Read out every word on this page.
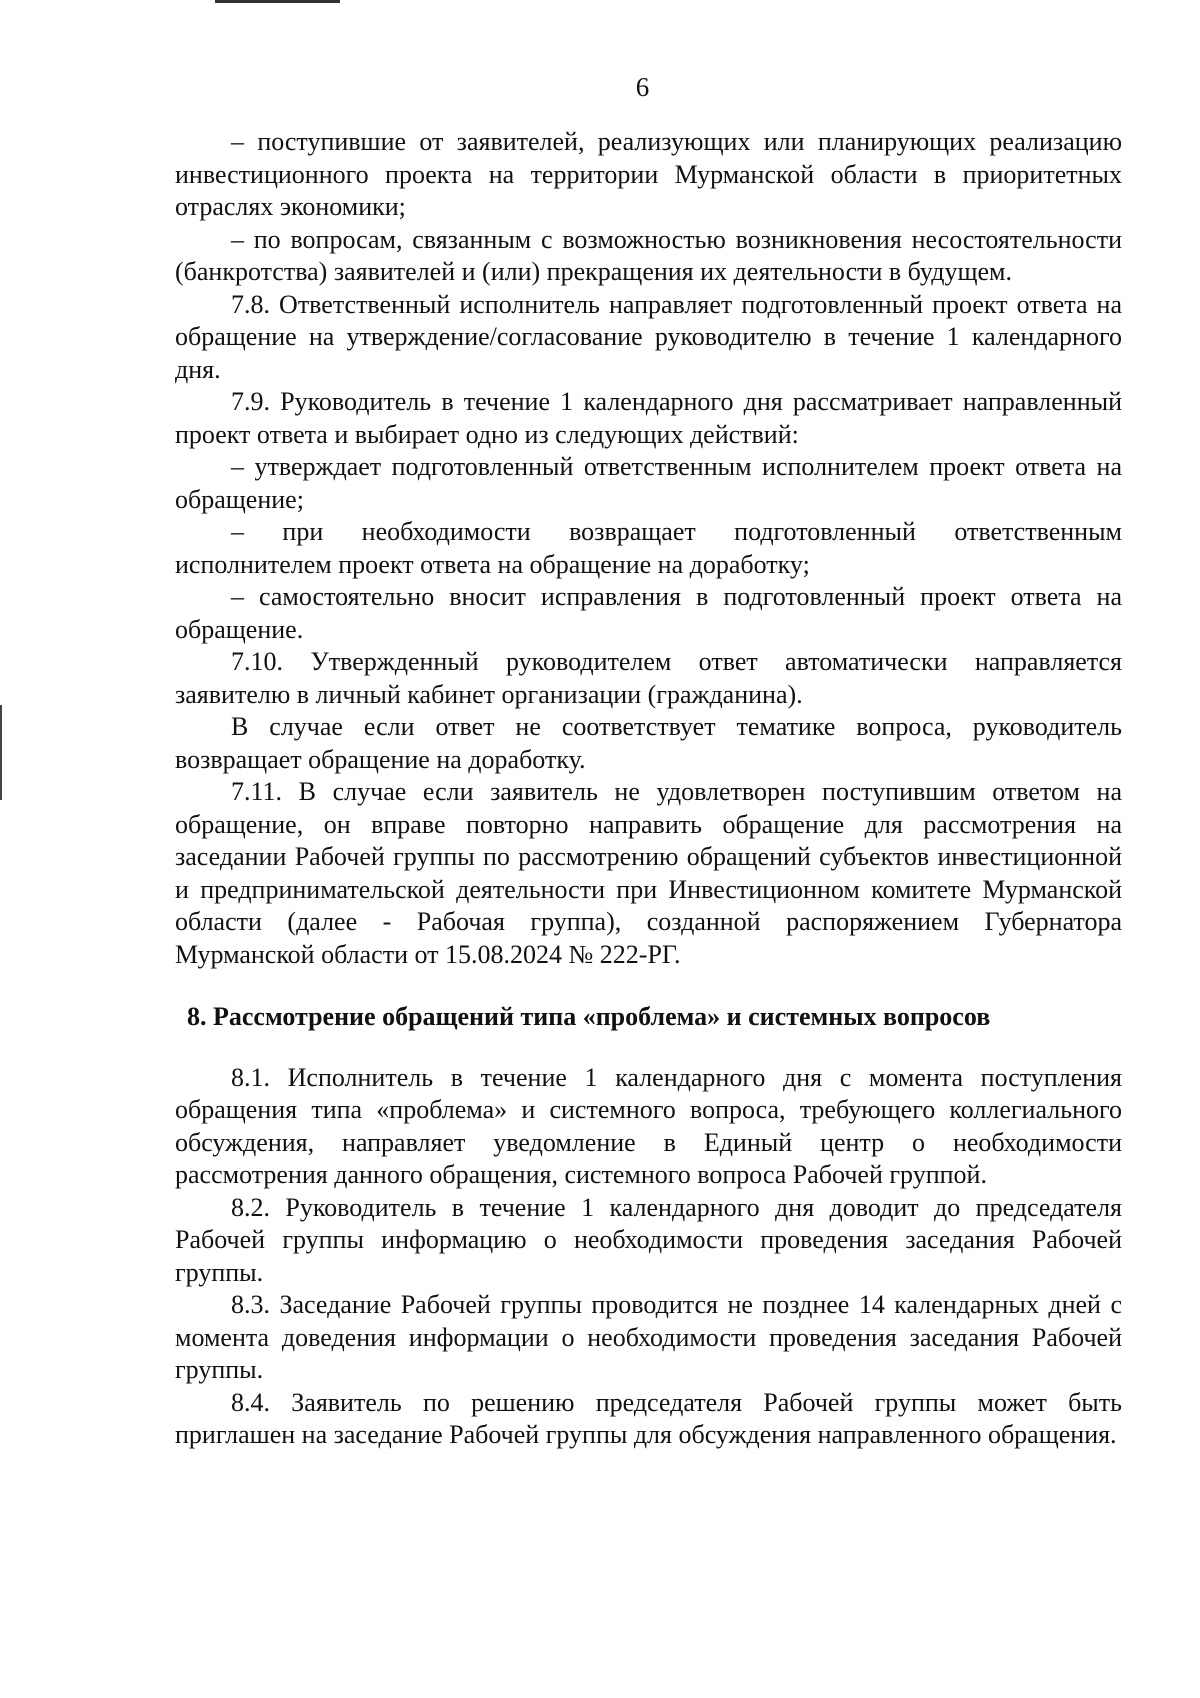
6

– поступившие от заявителей, реализующих или планирующих реализацию инвестиционного проекта на территории Мурманской области в приоритетных отраслях экономики;

– по вопросам, связанным с возможностью возникновения несостоятельности (банкротства) заявителей и (или) прекращения их деятельности в будущем.

7.8. Ответственный исполнитель направляет подготовленный проект ответа на обращение на утверждение/согласование руководителю в течение 1 календарного дня.

7.9. Руководитель в течение 1 календарного дня рассматривает направленный проект ответа и выбирает одно из следующих действий:

– утверждает подготовленный ответственным исполнителем проект ответа на обращение;

– при необходимости возвращает подготовленный ответственным исполнителем проект ответа на обращение на доработку;

– самостоятельно вносит исправления в подготовленный проект ответа на обращение.

7.10. Утвержденный руководителем ответ автоматически направляется заявителю в личный кабинет организации (гражданина).

В случае если ответ не соответствует тематике вопроса, руководитель возвращает обращение на доработку.

7.11. В случае если заявитель не удовлетворен поступившим ответом на обращение, он вправе повторно направить обращение для рассмотрения на заседании Рабочей группы по рассмотрению обращений субъектов инвестиционной и предпринимательской деятельности при Инвестиционном комитете Мурманской области (далее - Рабочая группа), созданной распоряжением Губернатора Мурманской области от 15.08.2024 № 222-РГ.

8. Рассмотрение обращений типа «проблема» и системных вопросов

8.1. Исполнитель в течение 1 календарного дня с момента поступления обращения типа «проблема» и системного вопроса, требующего коллегиального обсуждения, направляет уведомление в Единый центр о необходимости рассмотрения данного обращения, системного вопроса Рабочей группой.

8.2. Руководитель в течение 1 календарного дня доводит до председателя Рабочей группы информацию о необходимости проведения заседания Рабочей группы.

8.3. Заседание Рабочей группы проводится не позднее 14 календарных дней с момента доведения информации о необходимости проведения заседания Рабочей группы.

8.4. Заявитель по решению председателя Рабочей группы может быть приглашен на заседание Рабочей группы для обсуждения направленного обращения.
